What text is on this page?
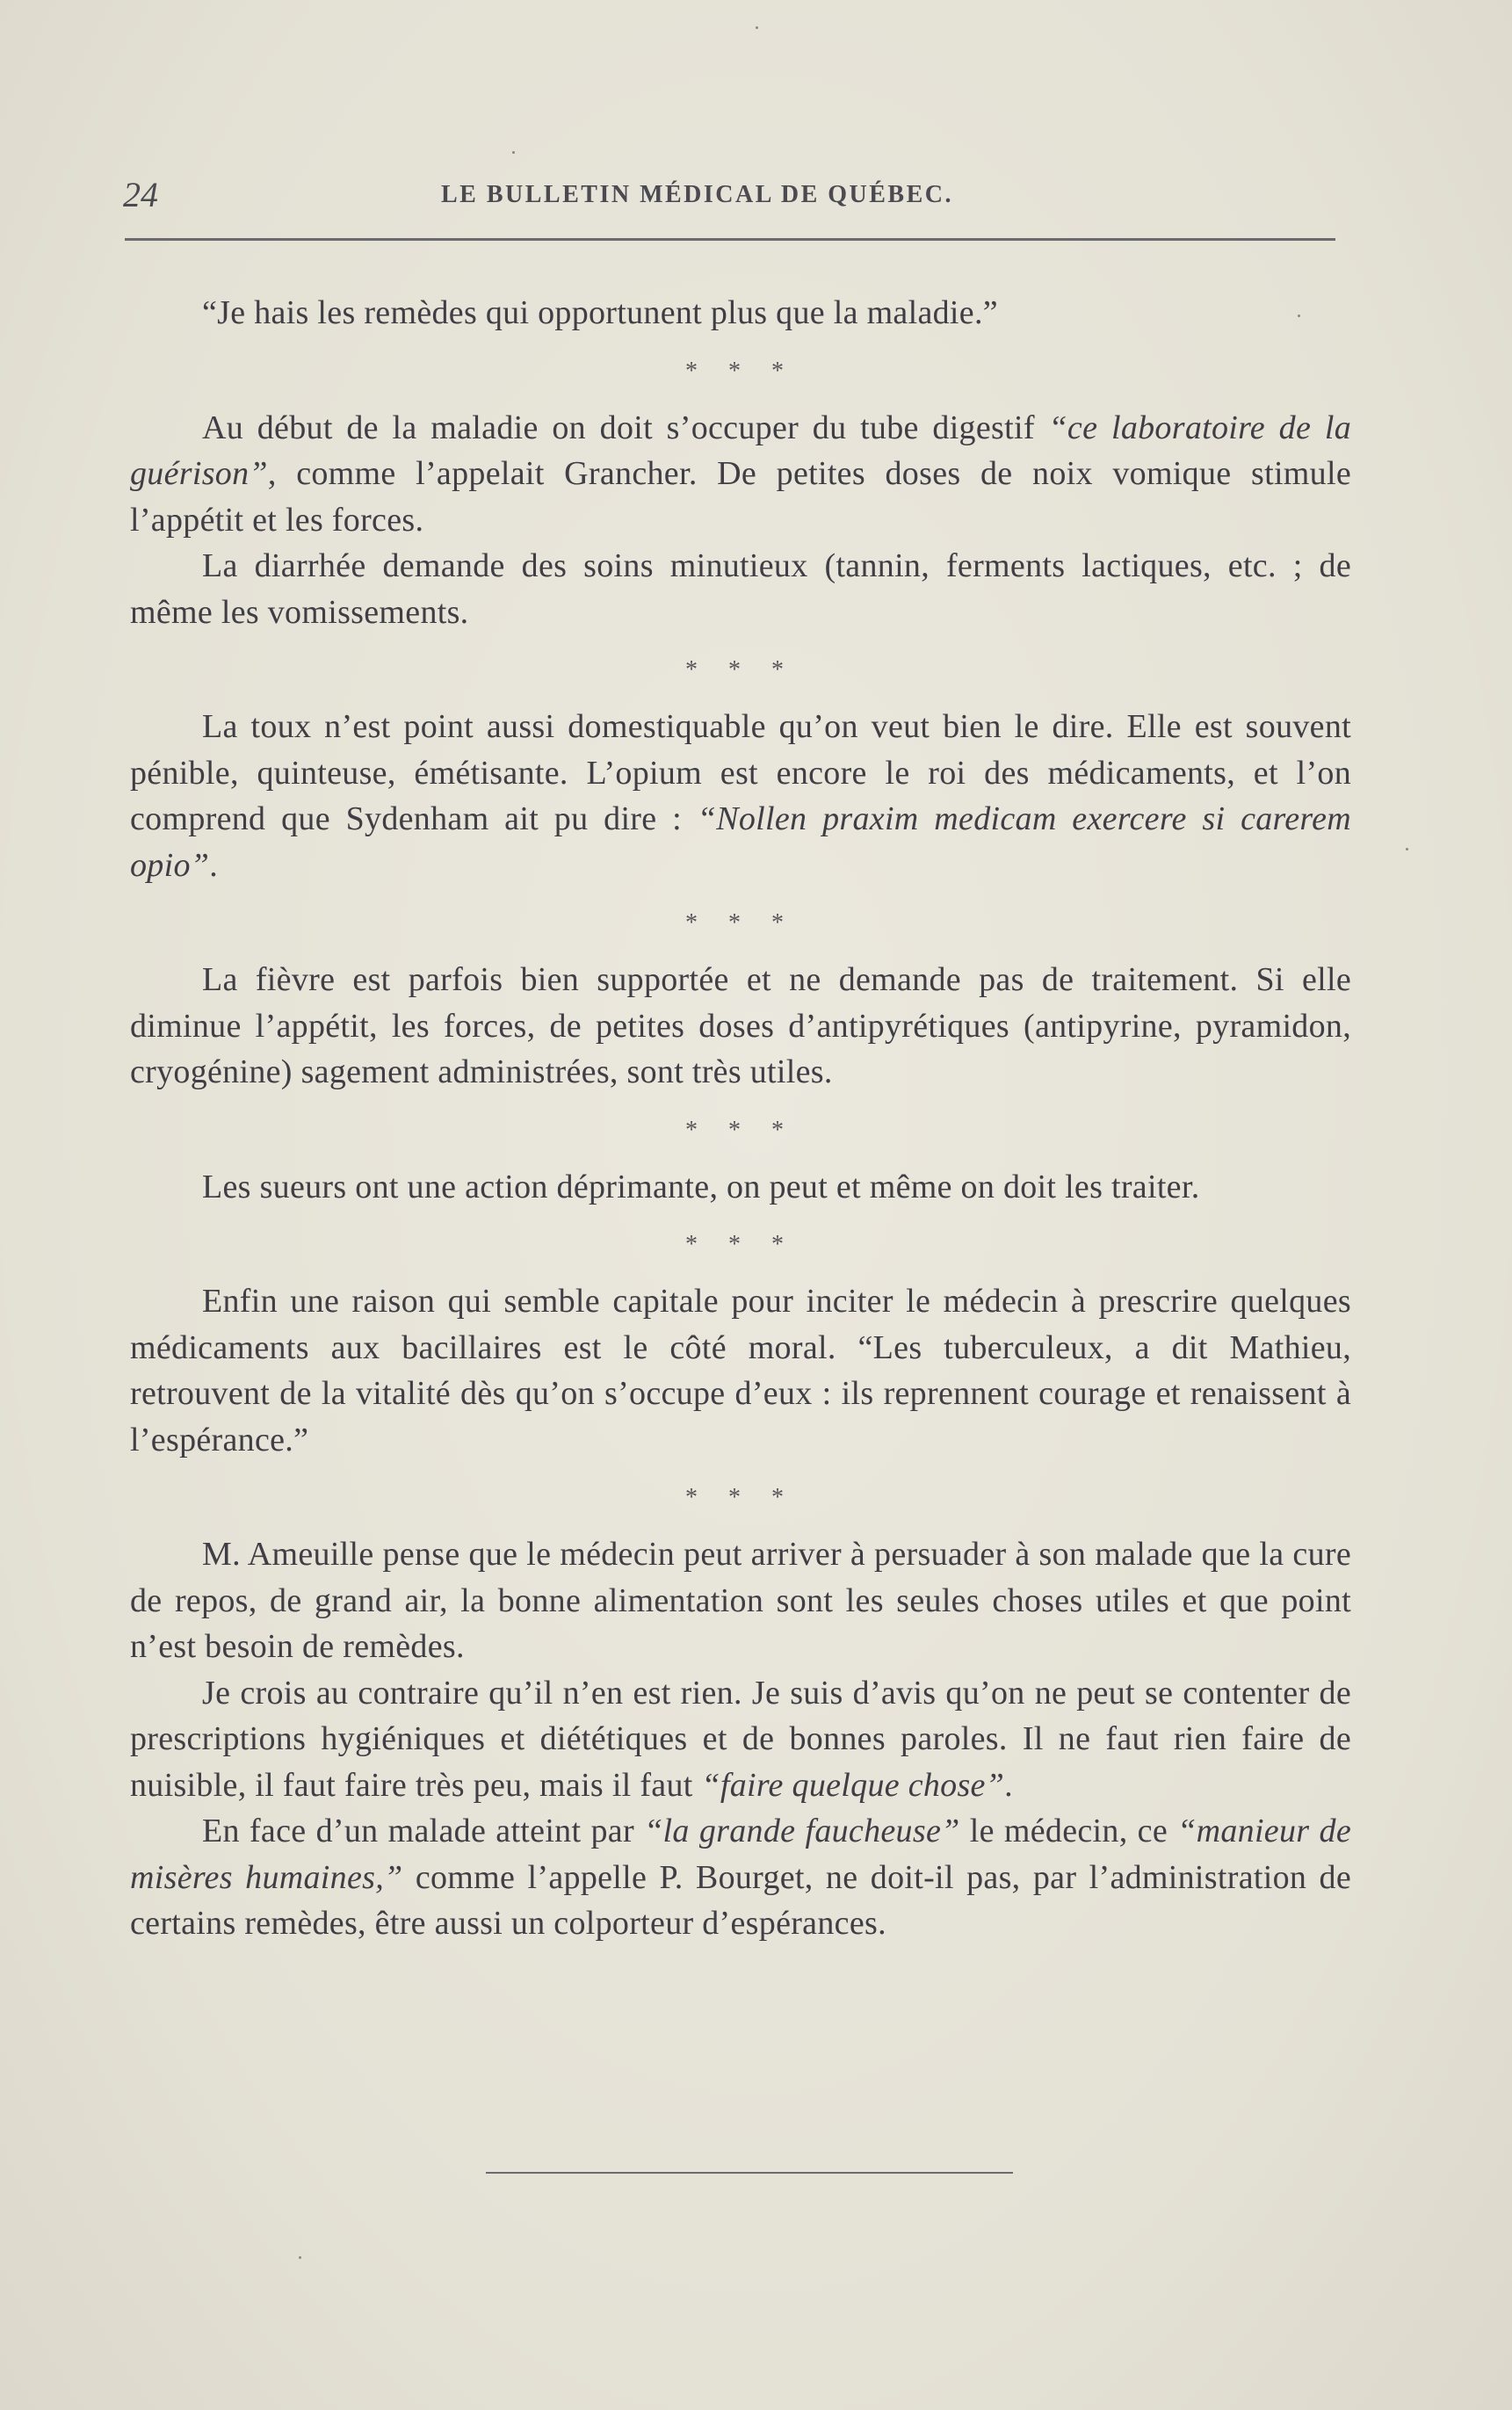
24	LE BULLETIN MÉDICAL DE QUÉBEC.

“Je hais les remèdes qui opportunent plus que la maladie.”

* * *

Au début de la maladie on doit s’occuper du tube digestif “ce laboratoire de la guérison”, comme l’appelait Grancher. De petites doses de noix vomique stimule l’appétit et les forces.

La diarrhée demande des soins minutieux (tannin, ferments lactiques, etc. ; de même les vomissements.

* * *

La toux n’est point aussi domestiquable qu’on veut bien le dire. Elle est souvent pénible, quinteuse, émétisante. L’opium est encore le roi des médicaments, et l’on comprend que Sydenham ait pu dire : “Nollen praxim medicam exercere si carerem opio”.

* * *

La fièvre est parfois bien supportée et ne demande pas de traitement. Si elle diminue l’appétit, les forces, de petites doses d’antipyrétiques (antipyrine, pyramidon, cryogénine) sagement administrées, sont très utiles.

* * *

Les sueurs ont une action déprimante, on peut et même on doit les traiter.

* * *

Enfin une raison qui semble capitale pour inciter le médecin à prescrire quelques médicaments aux bacillaires est le côté moral. “Les tuberculeux, a dit Mathieu, retrouvent de la vitalité dès qu’on s’occupe d’eux : ils reprennent courage et renaissent à l’espérance.”

* * *

M. Ameuille pense que le médecin peut arriver à persuader à son malade que la cure de repos, de grand air, la bonne alimentation sont les seules choses utiles et que point n’est besoin de remèdes.

Je crois au contraire qu’il n’en est rien. Je suis d’avis qu’on ne peut se contenter de prescriptions hygiéniques et diététiques et de bonnes paroles. Il ne faut rien faire de nuisible, il faut faire très peu, mais il faut “faire quelque chose”.

En face d’un malade atteint par “la grande faucheuse” le médecin, ce “manieur de misères humaines,” comme l’appelle P. Bourget, ne doit-il pas, par l’administration de certains remèdes, être aussi un colporteur d’espérances.
